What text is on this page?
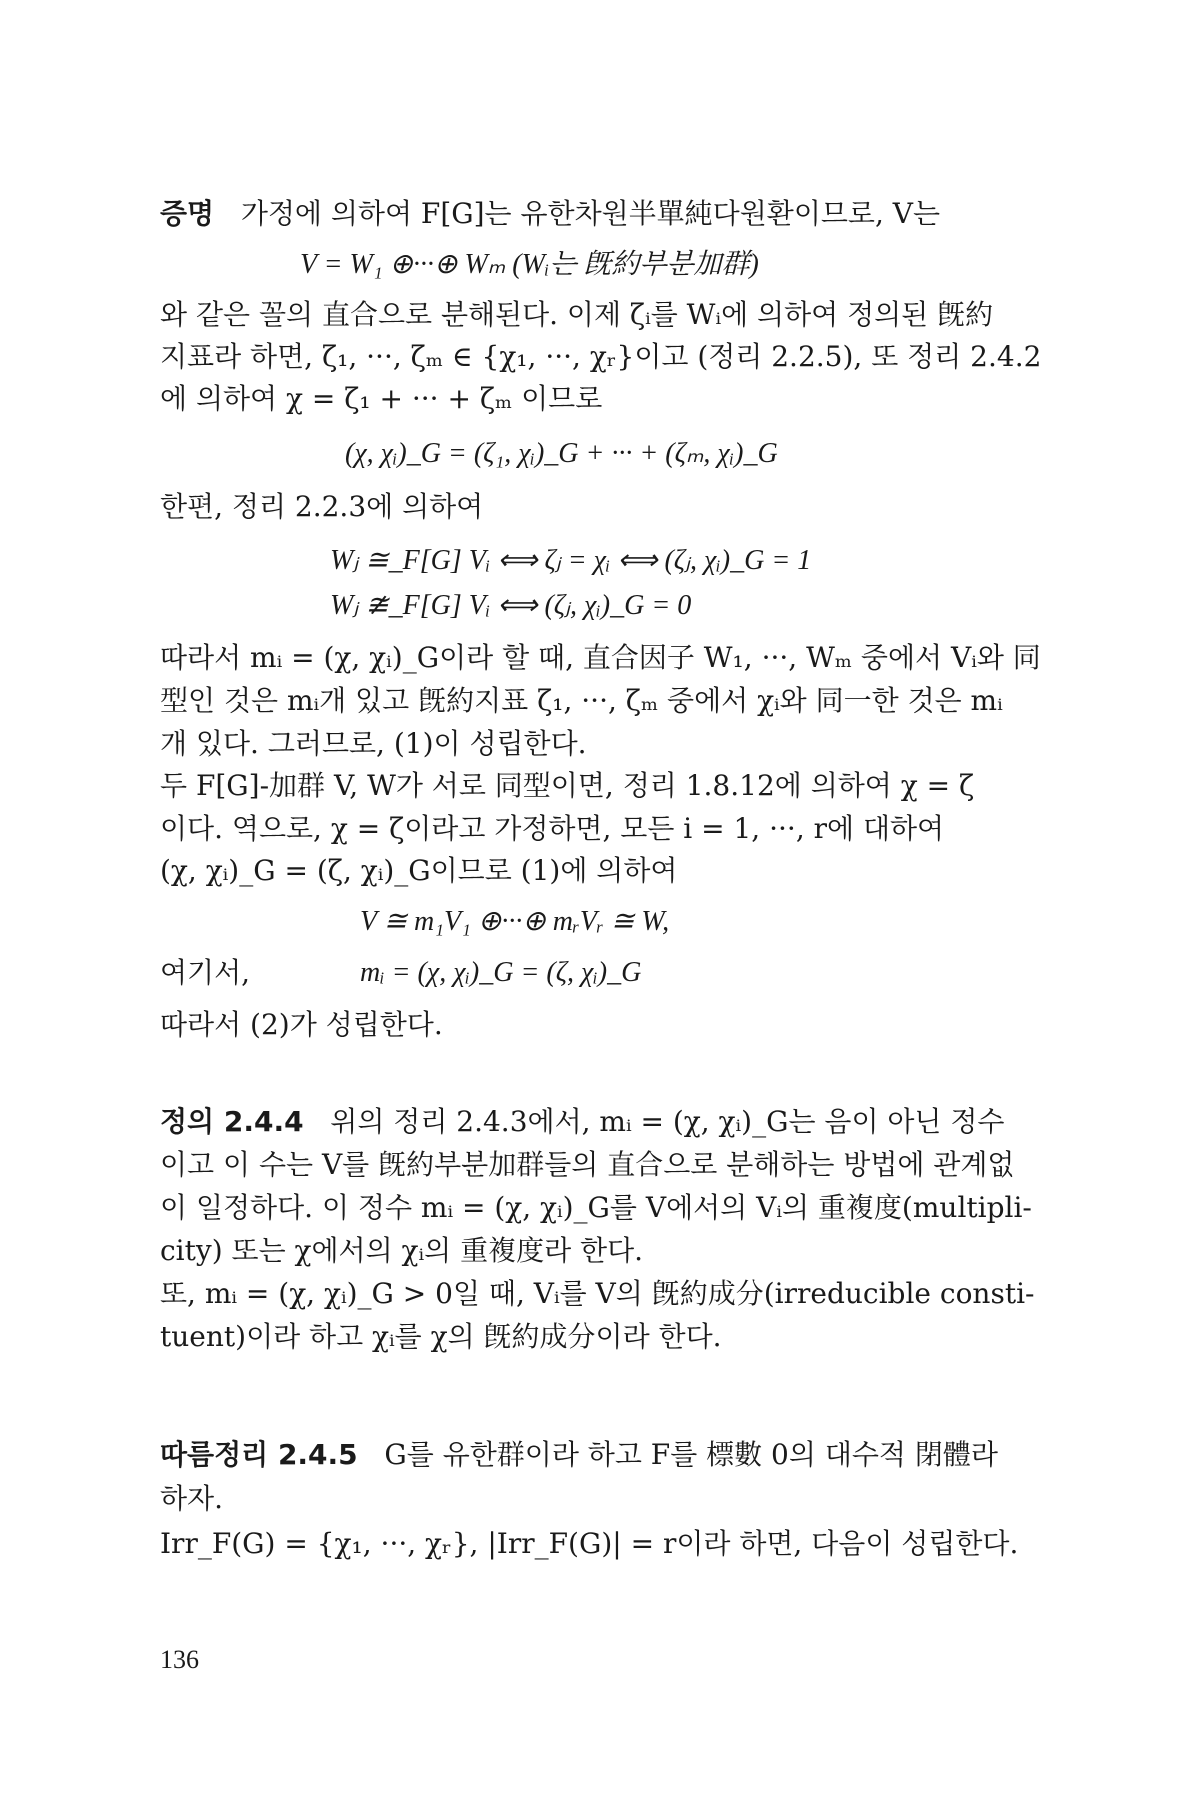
증명 가정에 의하여 F[G]는 유한차원半單純다원환이므로, V는
V = W₁ ⊕···⊕ Wₘ (Wᵢ는 旣約부분加群)
와 같은 꼴의 直合으로 분해된다. 이제 ζᵢ를 Wᵢ에 의하여 정의된 旣約
지표라 하면, ζ₁, ···, ζₘ ∈ {χ₁, ···, χᵣ}이고 (정리 2.2.5), 또 정리 2.4.2
에 의하여 χ = ζ₁ + ··· + ζₘ 이므로
(χ, χᵢ)_G = (ζ₁, χᵢ)_G + ··· + (ζₘ, χᵢ)_G
한편, 정리 2.2.3에 의하여
Wⱼ ≅_F[G] Vᵢ ⟺ ζⱼ = χᵢ ⟺ (ζⱼ, χᵢ)_G = 1
Wⱼ ≇_F[G] Vᵢ ⟺ (ζⱼ, χᵢ)_G = 0
따라서 mᵢ = (χ, χᵢ)_G이라 할 때, 直合因子 W₁, ···, Wₘ 중에서 Vᵢ와 同
型인 것은 mᵢ개 있고 旣約지표 ζ₁, ···, ζₘ 중에서 χᵢ와 同一한 것은 mᵢ
개 있다. 그러므로, (1)이 성립한다.
두 F[G]-加群 V, W가 서로 同型이면, 정리 1.8.12에 의하여 χ = ζ
이다. 역으로, χ = ζ이라고 가정하면, 모든 i = 1, ···, r에 대하여
(χ, χᵢ)_G = (ζ, χᵢ)_G이므로 (1)에 의하여
V ≅ m₁V₁ ⊕···⊕ mᵣVᵣ ≅ W,
여기서,	mᵢ = (χ, χᵢ)_G = (ζ, χᵢ)_G
따라서 (2)가 성립한다.
정의 2.4.4 위의 정리 2.4.3에서, mᵢ = (χ, χᵢ)_G는 음이 아닌 정수
이고 이 수는 V를 旣約부분加群들의 直合으로 분해하는 방법에 관계없
이 일정하다. 이 정수 mᵢ = (χ, χᵢ)_G를 V에서의 Vᵢ의 重複度(multipli-
city) 또는 χ에서의 χᵢ의 重複度라 한다.
또, mᵢ = (χ, χᵢ)_G > 0일 때, Vᵢ를 V의 旣約成分(irreducible consti-
tuent)이라 하고 χᵢ를 χ의 旣約成分이라 한다.
따름정리 2.4.5 G를 유한群이라 하고 F를 標數 0의 대수적 閉體라
하자.
Irr_F(G) = {χ₁, ···, χᵣ}, |Irr_F(G)| = r이라 하면, 다음이 성립한다.
136
